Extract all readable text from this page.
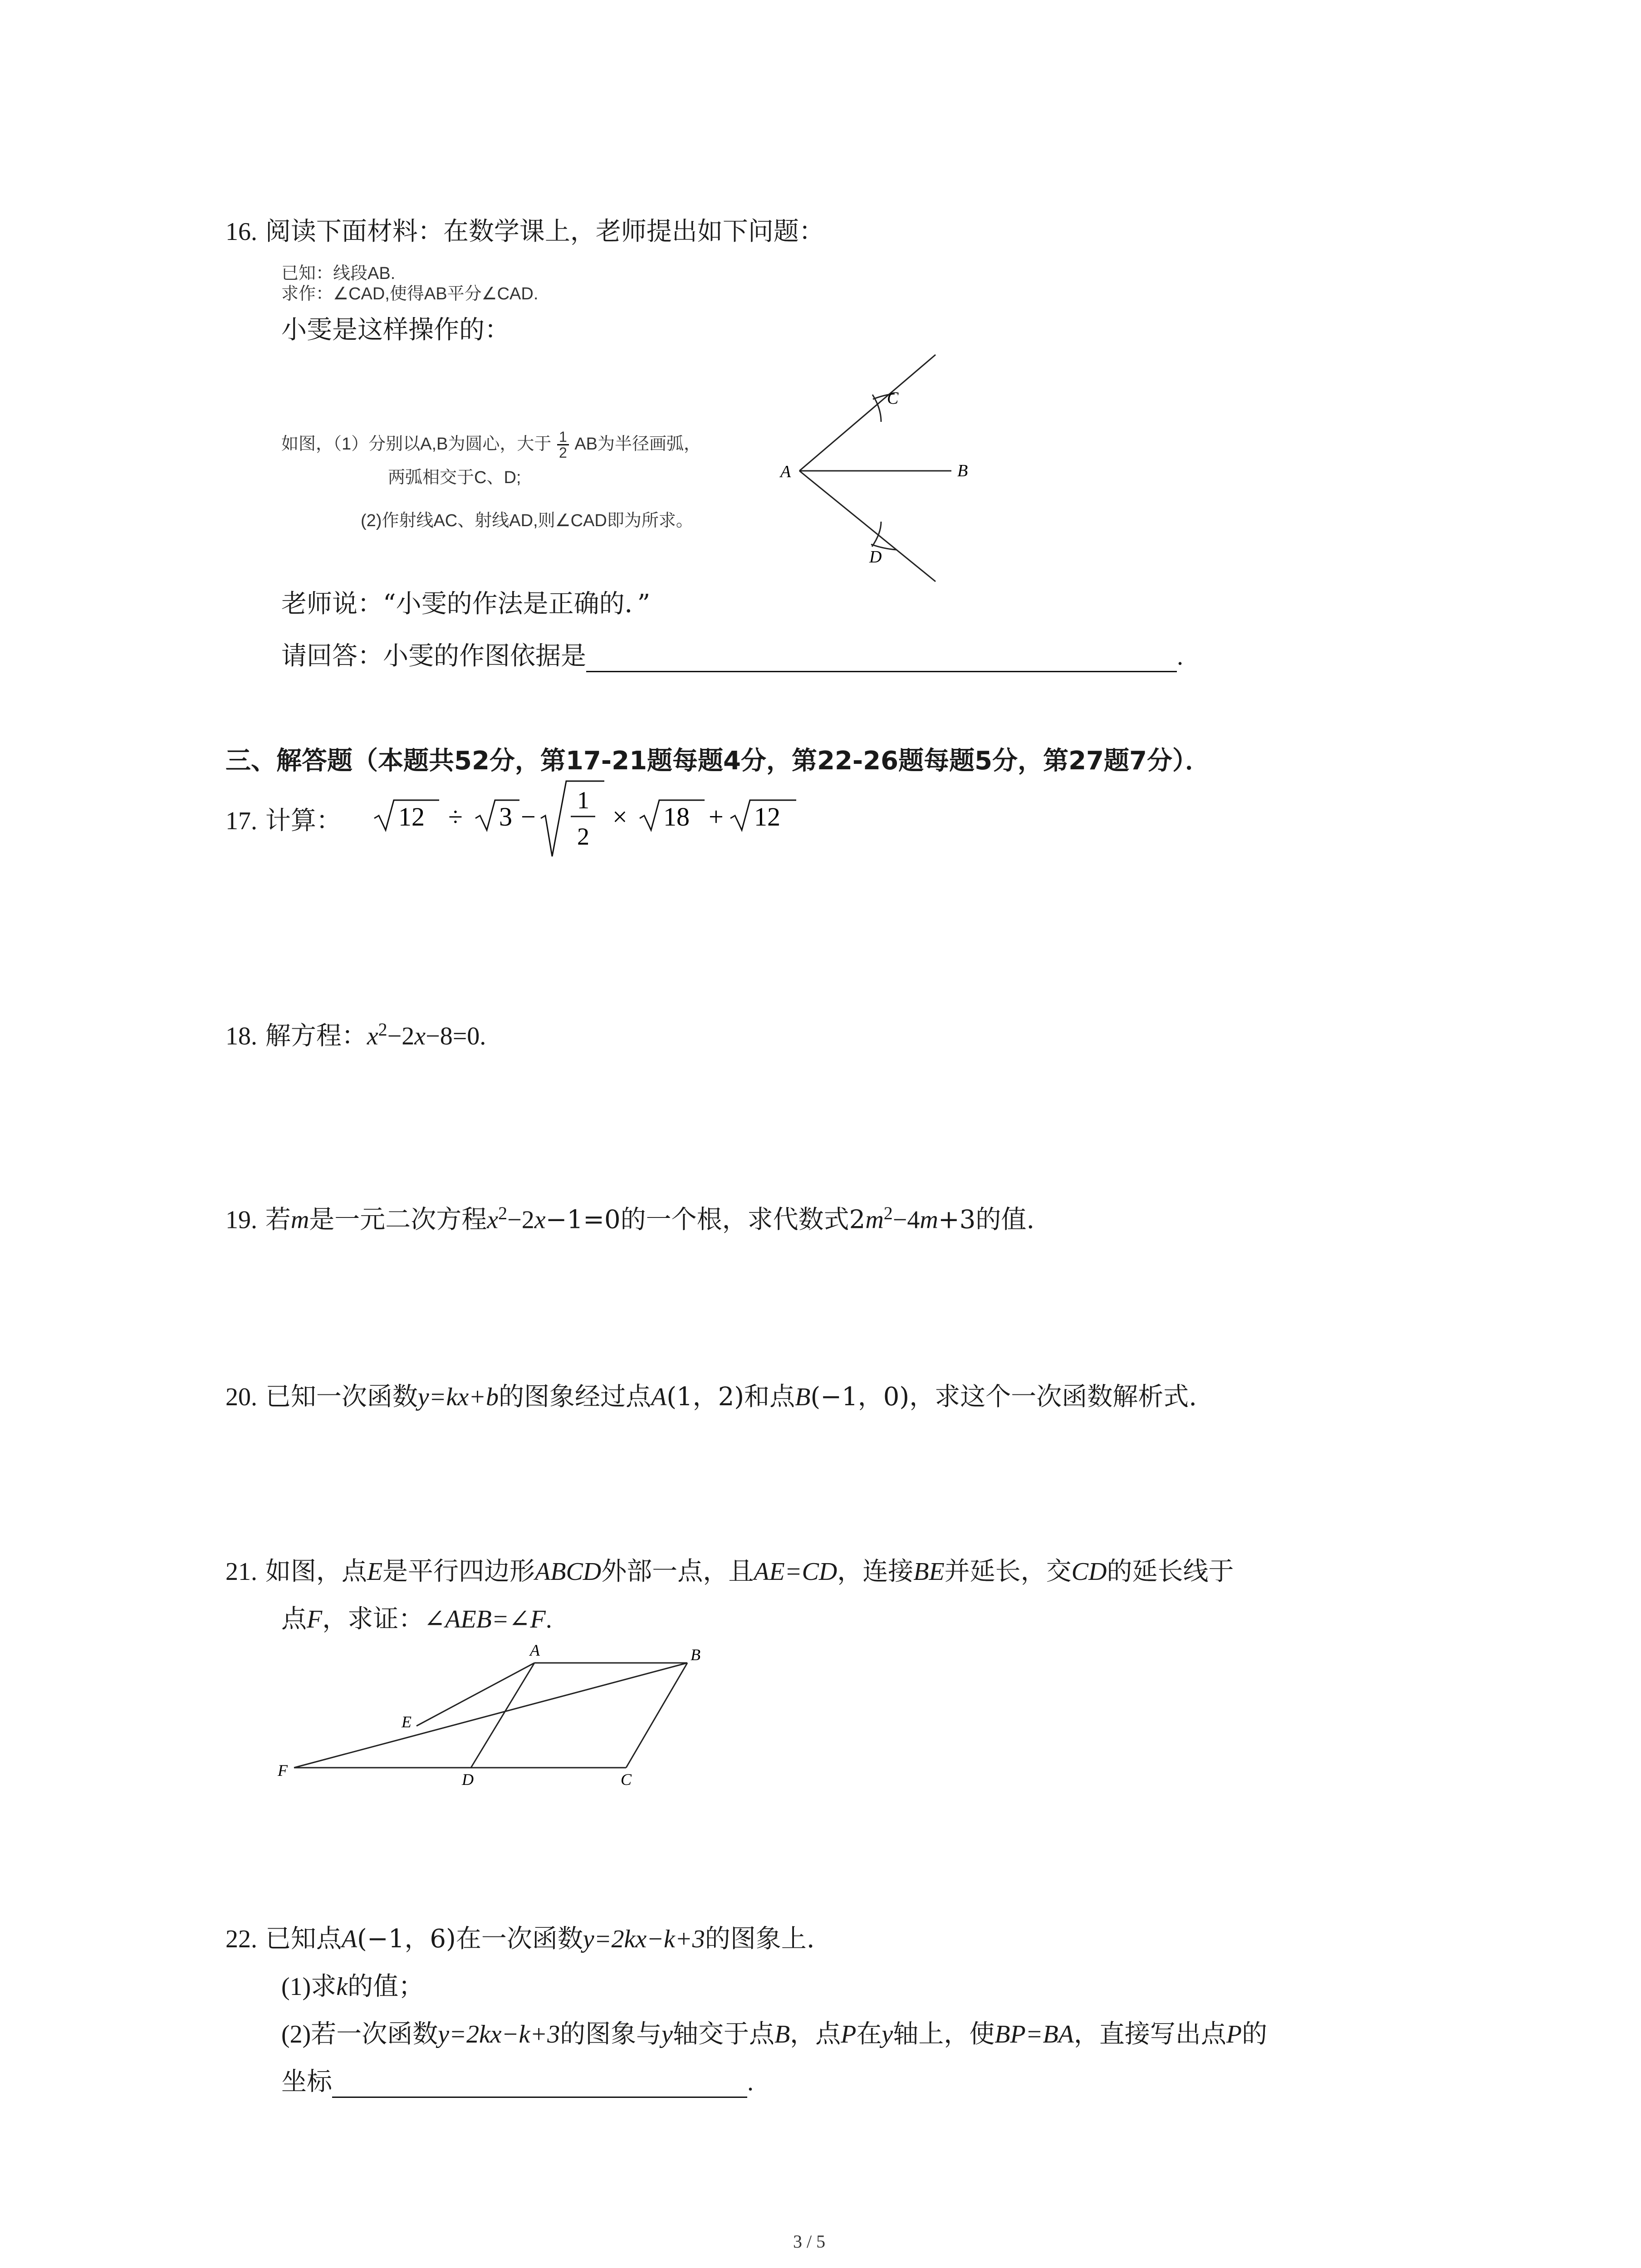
16. 阅读下面材料：在数学课上，老师提出如下问题：
已知：线段AB.
求作：∠CAD,使得AB平分∠CAD.
小雯是这样操作的：
如图，（1）分别以A,B为圆心，大于 $\frac{1}{2}$ AB为半径画弧，
两弧相交于C、D;
(2)作射线AC、射线AD,则∠CAD即为所求。
C
D
A	B
老师说：“小雯的作法是正确的．”
请回答：小雯的作图依据是	.
三、解答题（本题共52分，第17-21题每题4分，第22-26题每题5分，第27题7分）．
17. 计算： 12 ÷ 3 −
1
2
× 18 + 12
18. 解方程：$x^2-2x-8=0$.
19. 若m是一元二次方程$x^2-2x-1=0$的一个根，求代数式$2m^2-4m+3$的值.
20. 已知一次函数y=kx+b的图象经过点A(1，2)和点B(−1，0)，求这个一次函数解析式.
21. 如图，点E是平行四边形ABCD外部一点，且AE=CD，连接BE并延长，交CD的延长线于
点F，求证：∠AEB=∠F.
A	B
C
D
E
F
22. 已知点A(−1，6)在一次函数y=2kx−k+3的图象上.
(1)求k的值；
(2)若一次函数y=2kx−k+3的图象与y轴交于点B，点P在y轴上，使BP=BA，直接写出点P的
坐标	.
3 / 5
